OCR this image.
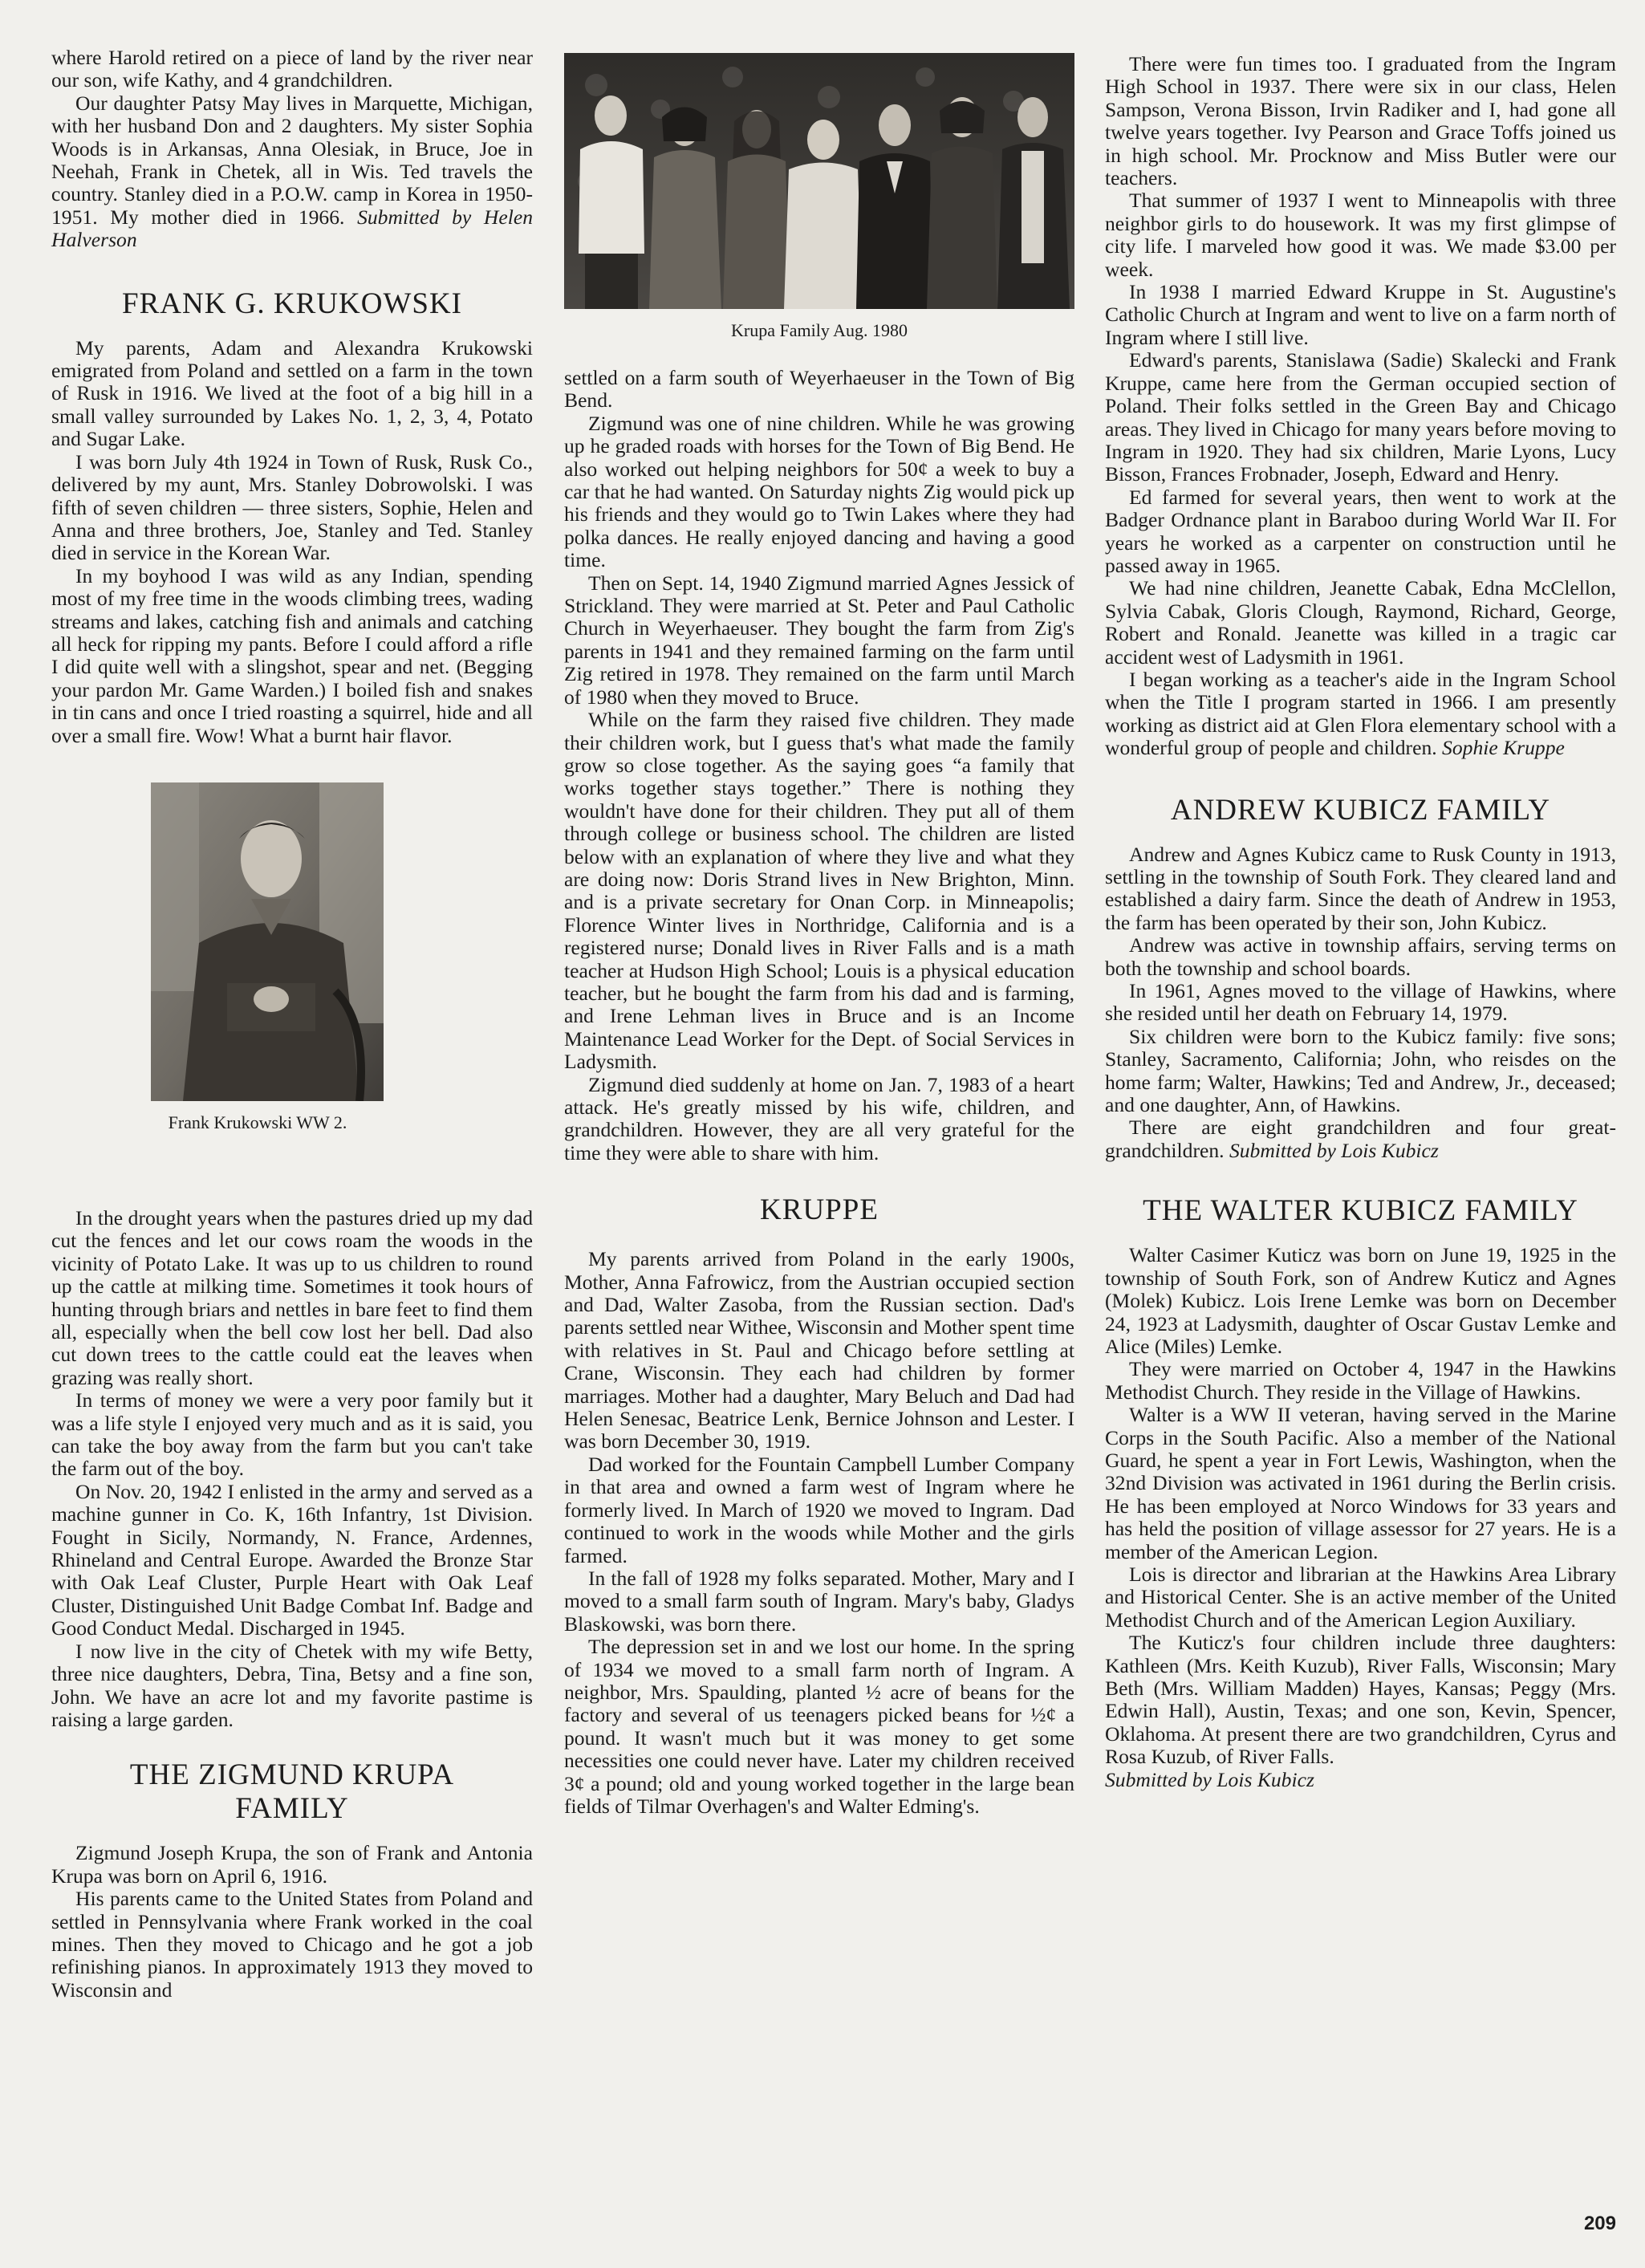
where Harold retired on a piece of land by the river near our son, wife Kathy, and 4 grandchildren.

Our daughter Patsy May lives in Marquette, Michigan, with her husband Don and 2 daughters. My sister Sophia Woods is in Arkansas, Anna Olesiak, in Bruce, Joe in Neehah, Frank in Chetek, all in Wis. Ted travels the country. Stanley died in a P.O.W. camp in Korea in 1950-1951. My mother died in 1966. Submitted by Helen Halverson

FRANK G. KRUKOWSKI

My parents, Adam and Alexandra Krukowski emigrated from Poland and settled on a farm in the town of Rusk in 1916. We lived at the foot of a big hill in a small valley surrounded by Lakes No. 1, 2, 3, 4, Potato and Sugar Lake.

I was born July 4th 1924 in Town of Rusk, Rusk Co., delivered by my aunt, Mrs. Stanley Dobrowolski. I was fifth of seven children — three sisters, Sophie, Helen and Anna and three brothers, Joe, Stanley and Ted. Stanley died in service in the Korean War.

In my boyhood I was wild as any Indian, spending most of my free time in the woods climbing trees, wading streams and lakes, catching fish and animals and catching all heck for ripping my pants. Before I could afford a rifle I did quite well with a slingshot, spear and net. (Begging your pardon Mr. Game Warden.) I boiled fish and snakes in tin cans and once I tried roasting a squirrel, hide and all over a small fire. Wow! What a burnt hair flavor.

Frank Krukowski WW 2.

In the drought years when the pastures dried up my dad cut the fences and let our cows roam the woods in the vicinity of Potato Lake. It was up to us children to round up the cattle at milking time. Sometimes it took hours of hunting through briars and nettles in bare feet to find them all, especially when the bell cow lost her bell. Dad also cut down trees to the cattle could eat the leaves when grazing was really short.

In terms of money we were a very poor family but it was a life style I enjoyed very much and as it is said, you can take the boy away from the farm but you can't take the farm out of the boy.

On Nov. 20, 1942 I enlisted in the army and served as a machine gunner in Co. K, 16th Infantry, 1st Division. Fought in Sicily, Normandy, N. France, Ardennes, Rhineland and Central Europe. Awarded the Bronze Star with Oak Leaf Cluster, Purple Heart with Oak Leaf Cluster, Distinguished Unit Badge Combat Inf. Badge and Good Conduct Medal. Discharged in 1945.

I now live in the city of Chetek with my wife Betty, three nice daughters, Debra, Tina, Betsy and a fine son, John. We have an acre lot and my favorite pastime is raising a large garden.

THE ZIGMUND KRUPA FAMILY

Zigmund Joseph Krupa, the son of Frank and Antonia Krupa was born on April 6, 1916.

His parents came to the United States from Poland and settled in Pennsylvania where Frank worked in the coal mines. Then they moved to Chicago and he got a job refinishing pianos. In approximately 1913 they moved to Wisconsin and

Krupa Family Aug. 1980

settled on a farm south of Weyerhaeuser in the Town of Big Bend.

Zigmund was one of nine children. While he was growing up he graded roads with horses for the Town of Big Bend. He also worked out helping neighbors for 50¢ a week to buy a car that he had wanted. On Saturday nights Zig would pick up his friends and they would go to Twin Lakes where they had polka dances. He really enjoyed dancing and having a good time.

Then on Sept. 14, 1940 Zigmund married Agnes Jessick of Strickland. They were married at St. Peter and Paul Catholic Church in Weyerhaeuser. They bought the farm from Zig's parents in 1941 and they remained farming on the farm until Zig retired in 1978. They remained on the farm until March of 1980 when they moved to Bruce.

While on the farm they raised five children. They made their children work, but I guess that's what made the family grow so close together. As the saying goes “a family that works together stays together.” There is nothing they wouldn't have done for their children. They put all of them through college or business school. The children are listed below with an explanation of where they live and what they are doing now: Doris Strand lives in New Brighton, Minn. and is a private secretary for Onan Corp. in Minneapolis; Florence Winter lives in Northridge, California and is a registered nurse; Donald lives in River Falls and is a math teacher at Hudson High School; Louis is a physical education teacher, but he bought the farm from his dad and is farming, and Irene Lehman lives in Bruce and is an Income Maintenance Lead Worker for the Dept. of Social Services in Ladysmith.

Zigmund died suddenly at home on Jan. 7, 1983 of a heart attack. He's greatly missed by his wife, children, and grandchildren. However, they are all very grateful for the time they were able to share with him.

KRUPPE

My parents arrived from Poland in the early 1900s, Mother, Anna Fafrowicz, from the Austrian occupied section and Dad, Walter Zasoba, from the Russian section. Dad's parents settled near Withee, Wisconsin and Mother spent time with relatives in St. Paul and Chicago before settling at Crane, Wisconsin. They each had children by former marriages. Mother had a daughter, Mary Beluch and Dad had Helen Senesac, Beatrice Lenk, Bernice Johnson and Lester. I was born December 30, 1919.

Dad worked for the Fountain Campbell Lumber Company in that area and owned a farm west of Ingram where he formerly lived. In March of 1920 we moved to Ingram. Dad continued to work in the woods while Mother and the girls farmed.

In the fall of 1928 my folks separated. Mother, Mary and I moved to a small farm south of Ingram. Mary's baby, Gladys Blaskowski, was born there.

The depression set in and we lost our home. In the spring of 1934 we moved to a small farm north of Ingram. A neighbor, Mrs. Spaulding, planted ½ acre of beans for the factory and several of us teenagers picked beans for ½¢ a pound. It wasn't much but it was money to get some necessities one could never have. Later my children received 3¢ a pound; old and young worked together in the large bean fields of Tilmar Overhagen's and Walter Edming's.

There were fun times too. I graduated from the Ingram High School in 1937. There were six in our class, Helen Sampson, Verona Bisson, Irvin Radiker and I, had gone all twelve years together. Ivy Pearson and Grace Toffs joined us in high school. Mr. Procknow and Miss Butler were our teachers.

That summer of 1937 I went to Minneapolis with three neighbor girls to do housework. It was my first glimpse of city life. I marveled how good it was. We made $3.00 per week.

In 1938 I married Edward Kruppe in St. Augustine's Catholic Church at Ingram and went to live on a farm north of Ingram where I still live.

Edward's parents, Stanislawa (Sadie) Skalecki and Frank Kruppe, came here from the German occupied section of Poland. Their folks settled in the Green Bay and Chicago areas. They lived in Chicago for many years before moving to Ingram in 1920. They had six children, Marie Lyons, Lucy Bisson, Frances Frobnader, Joseph, Edward and Henry.

Ed farmed for several years, then went to work at the Badger Ordnance plant in Baraboo during World War II. For years he worked as a carpenter on construction until he passed away in 1965.

We had nine children, Jeanette Cabak, Edna McClellon, Sylvia Cabak, Gloris Clough, Raymond, Richard, George, Robert and Ronald. Jeanette was killed in a tragic car accident west of Ladysmith in 1961.

I began working as a teacher's aide in the Ingram School when the Title I program started in 1966. I am presently working as district aid at Glen Flora elementary school with a wonderful group of people and children. Sophie Kruppe

ANDREW KUBICZ FAMILY

Andrew and Agnes Kubicz came to Rusk County in 1913, settling in the township of South Fork. They cleared land and established a dairy farm. Since the death of Andrew in 1953, the farm has been operated by their son, John Kubicz.

Andrew was active in township affairs, serving terms on both the township and school boards.

In 1961, Agnes moved to the village of Hawkins, where she resided until her death on February 14, 1979.

Six children were born to the Kubicz family: five sons; Stanley, Sacramento, California; John, who reisdes on the home farm; Walter, Hawkins; Ted and Andrew, Jr., deceased; and one daughter, Ann, of Hawkins.

There are eight grandchildren and four great-grandchildren. Submitted by Lois Kubicz

THE WALTER KUBICZ FAMILY

Walter Casimer Kuticz was born on June 19, 1925 in the township of South Fork, son of Andrew Kuticz and Agnes (Molek) Kubicz. Lois Irene Lemke was born on December 24, 1923 at Ladysmith, daughter of Oscar Gustav Lemke and Alice (Miles) Lemke.

They were married on October 4, 1947 in the Hawkins Methodist Church. They reside in the Village of Hawkins.

Walter is a WW II veteran, having served in the Marine Corps in the South Pacific. Also a member of the National Guard, he spent a year in Fort Lewis, Washington, when the 32nd Division was activated in 1961 during the Berlin crisis. He has been employed at Norco Windows for 33 years and has held the position of village assessor for 27 years. He is a member of the American Legion.

Lois is director and librarian at the Hawkins Area Library and Historical Center. She is an active member of the United Methodist Church and of the American Legion Auxiliary.

The Kuticz's four children include three daughters: Kathleen (Mrs. Keith Kuzub), River Falls, Wisconsin; Mary Beth (Mrs. William Madden) Hayes, Kansas; Peggy (Mrs. Edwin Hall), Austin, Texas; and one son, Kevin, Spencer, Oklahoma. At present there are two grandchildren, Cyrus and Rosa Kuzub, of River Falls.

Submitted by Lois Kubicz

209
